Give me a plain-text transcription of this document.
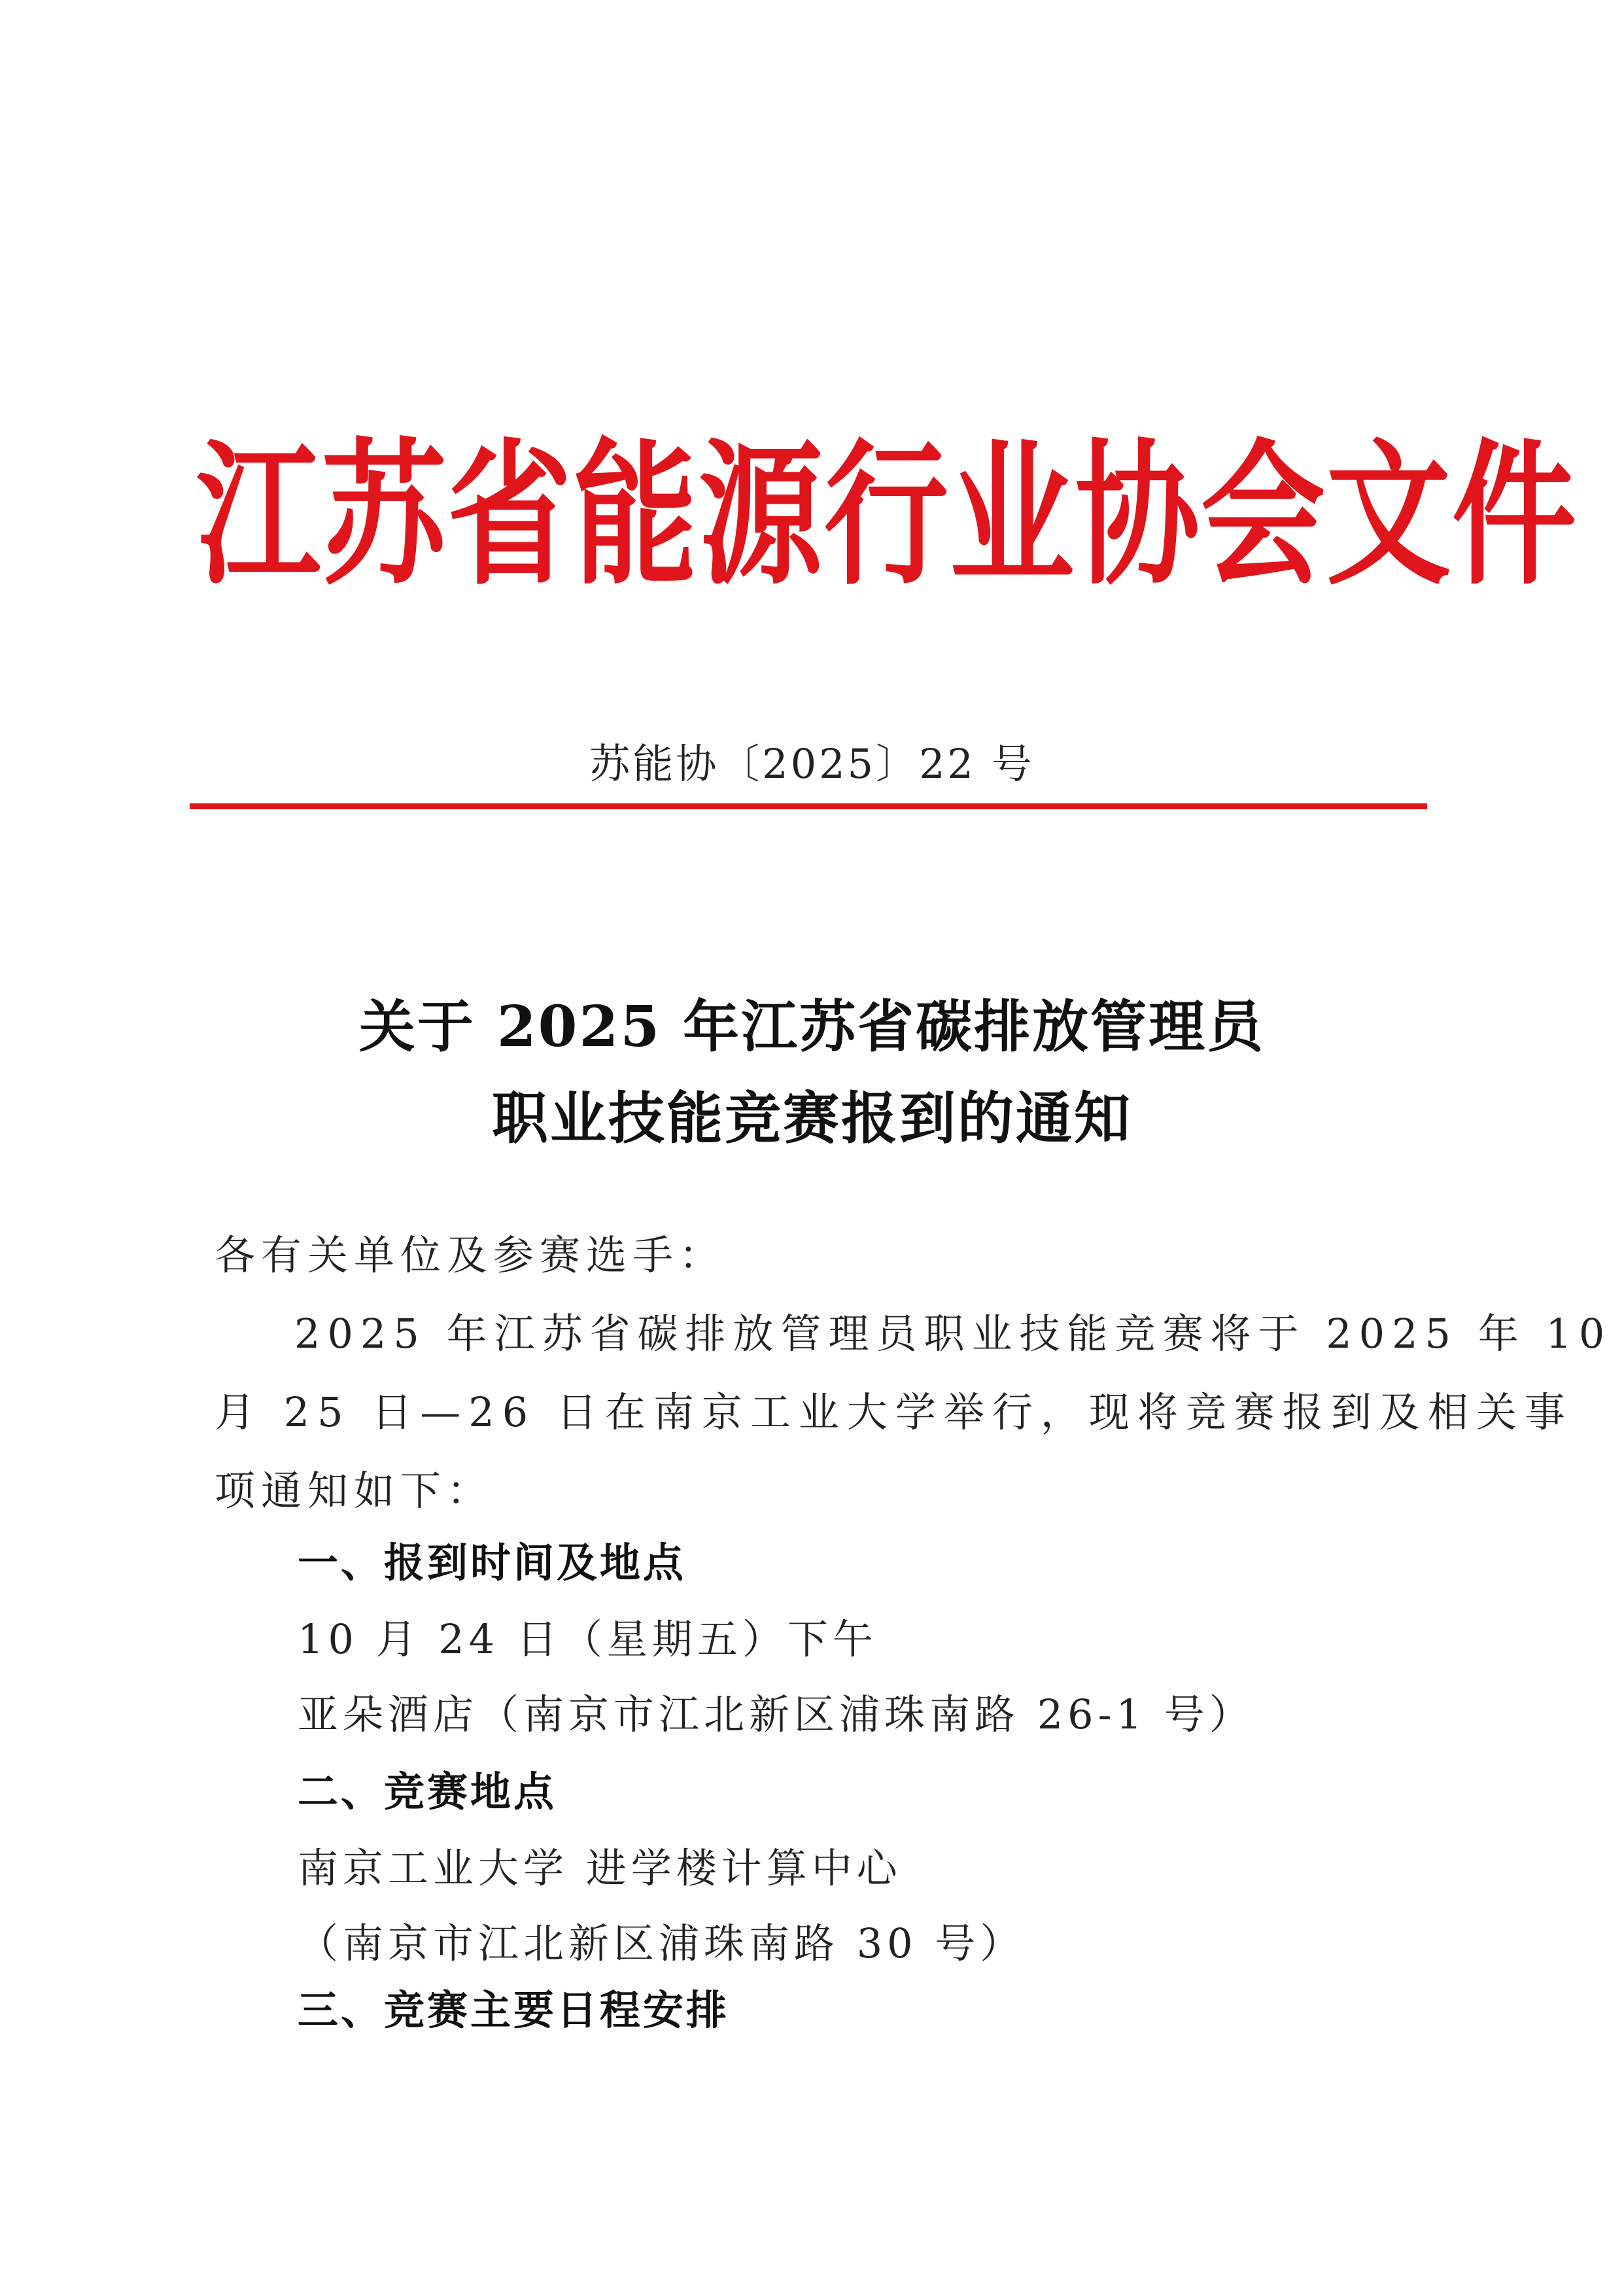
江苏省能源行业协会文件
苏能协〔2025〕22 号
关于 2025 年江苏省碳排放管理员
职业技能竞赛报到的通知
各有关单位及参赛选手：
2025 年江苏省碳排放管理员职业技能竞赛将于 2025 年 10
月 25 日—26 日在南京工业大学举行，现将竞赛报到及相关事
项通知如下：
一、报到时间及地点
10 月 24 日（星期五）下午
亚朵酒店（南京市江北新区浦珠南路 26-1 号）
二、竞赛地点
南京工业大学 进学楼计算中心
（南京市江北新区浦珠南路 30 号）
三、竞赛主要日程安排
